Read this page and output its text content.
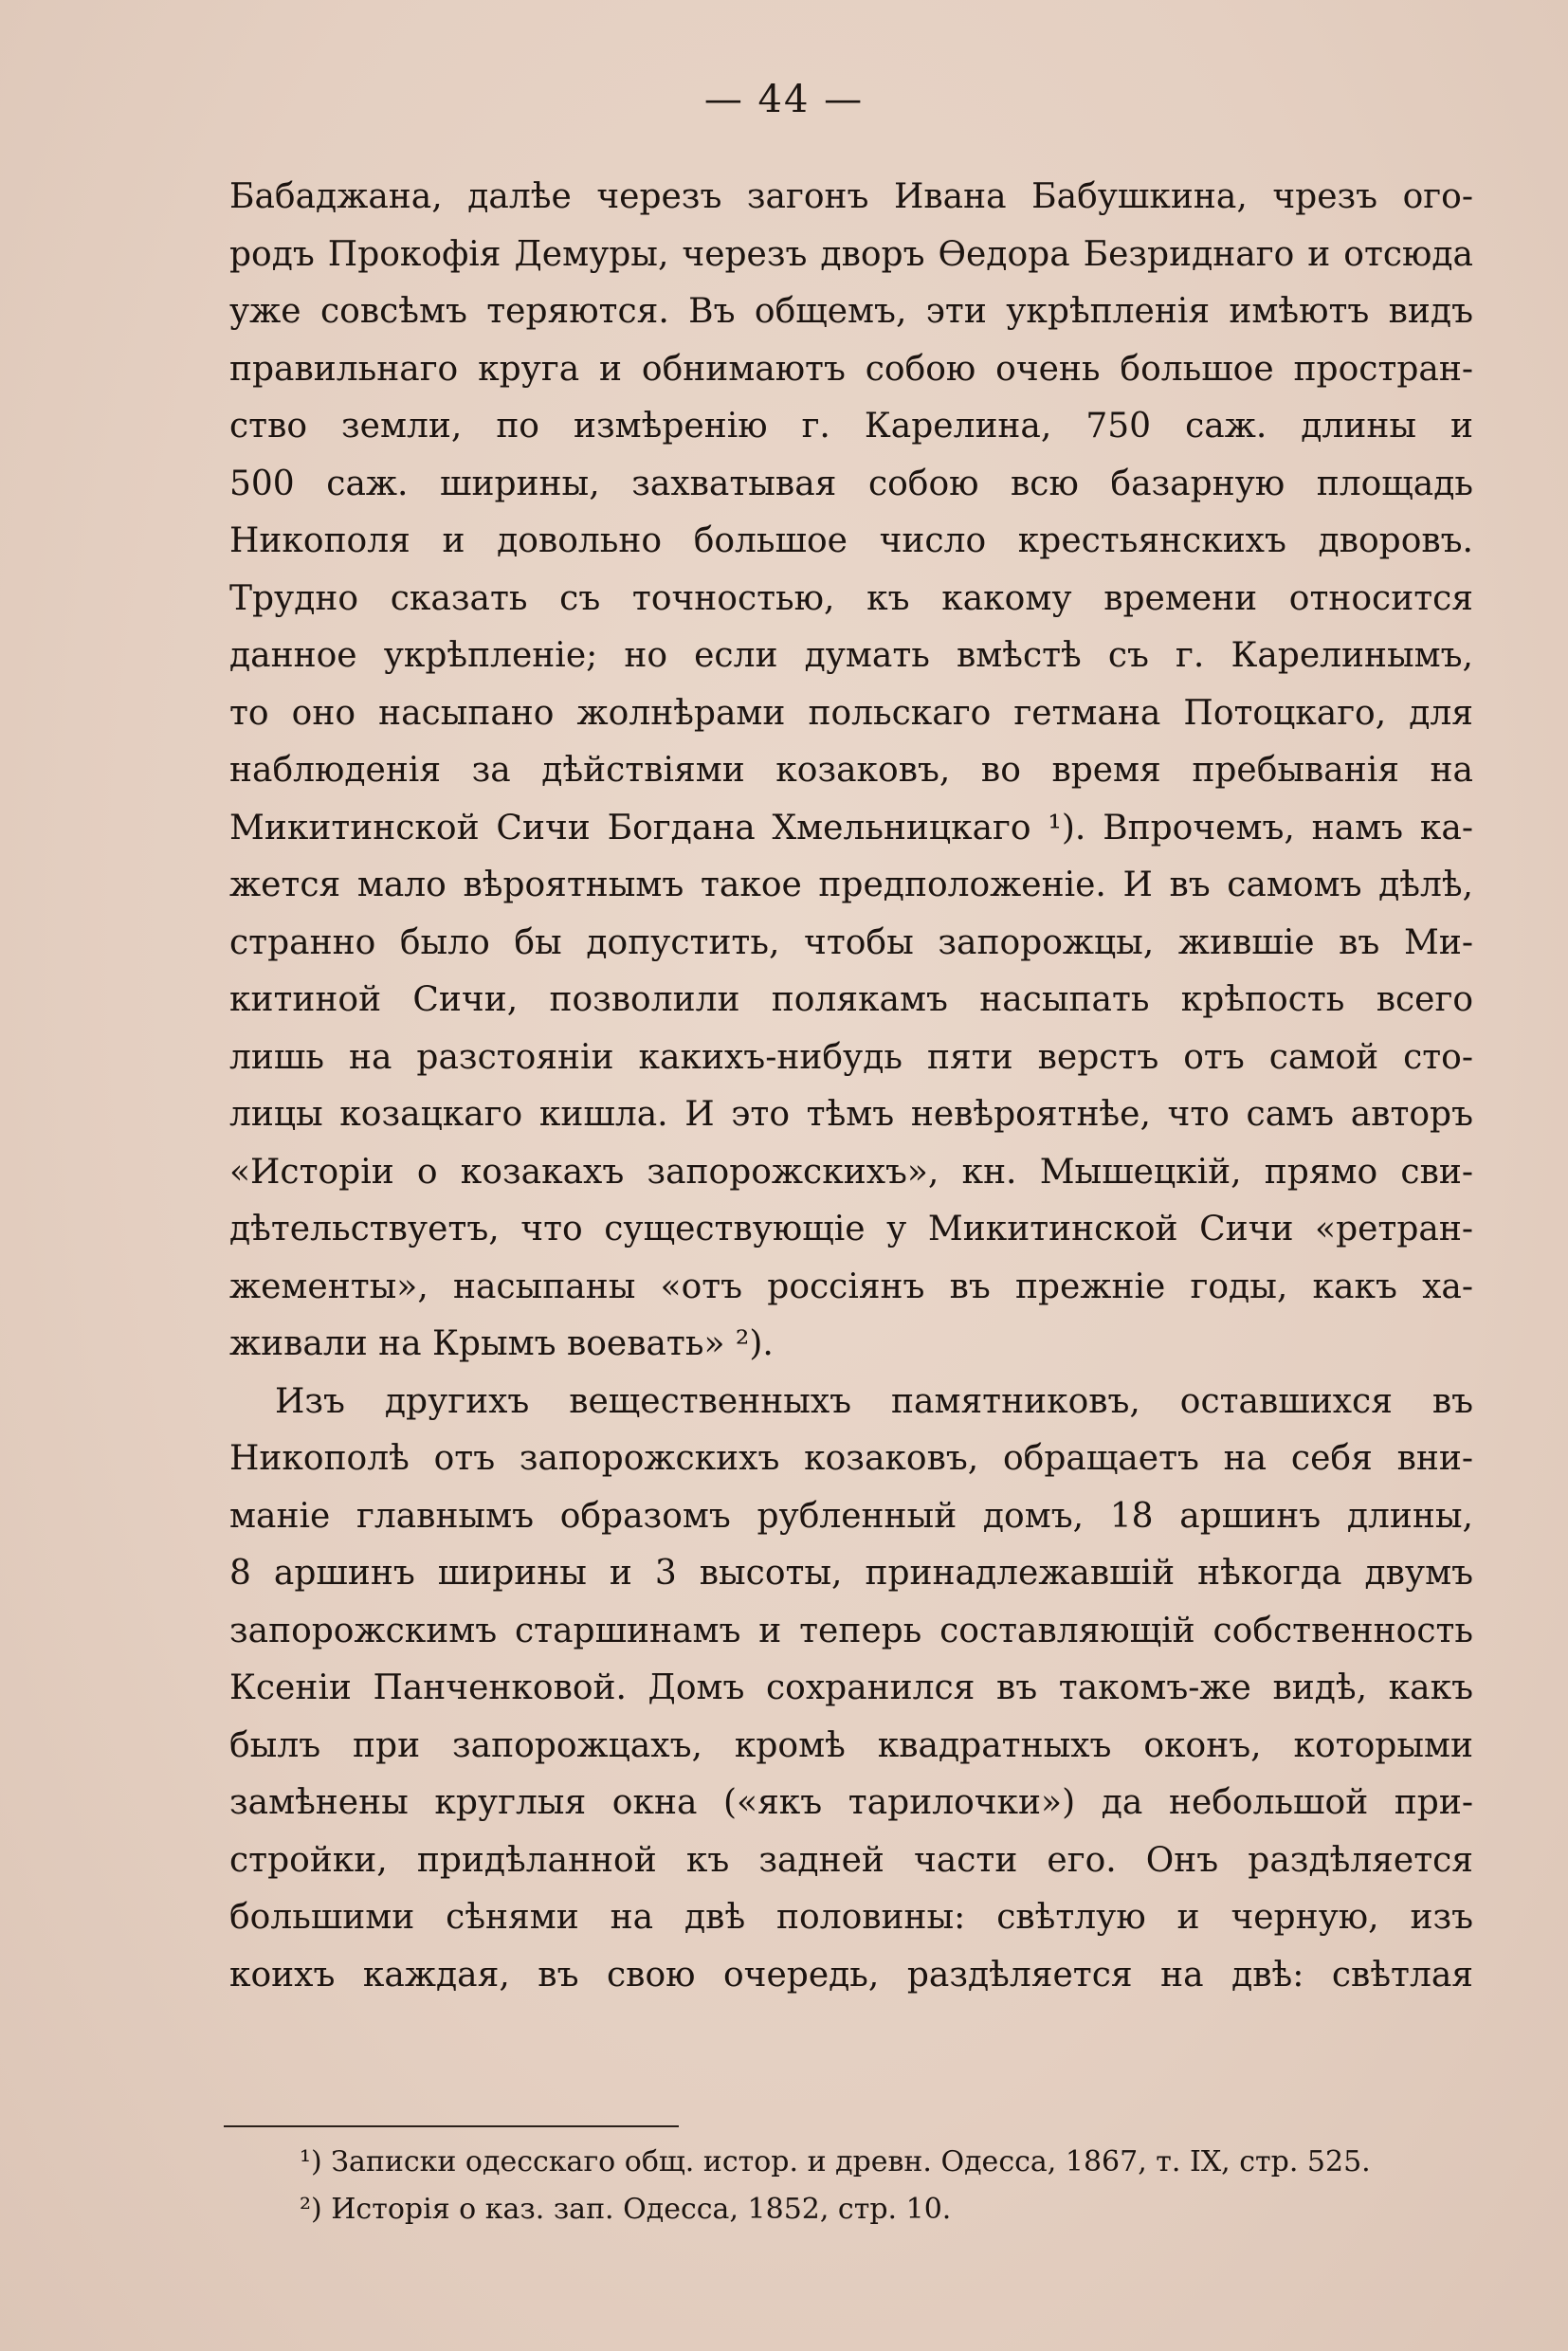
— 44 —
Бабаджана, далѣе черезъ загонъ Ивана Бабушкина, чрезъ ого-
родъ Прокофія Демуры, черезъ дворъ Ѳедора Безриднаго и отсюда
уже совсѣмъ теряются. Въ общемъ, эти укрѣпленія имѣютъ видъ
правильнаго круга и обнимаютъ собою очень большое простран-
ство земли, по измѣренію г. Карелина, 750 саж. длины и
500 саж. ширины, захватывая собою всю базарную площадь
Никополя и довольно большое число крестьянскихъ дворовъ.
Трудно сказать съ точностью, къ какому времени относится
данное укрѣпленіе; но если думать вмѣстѣ съ г. Карелинымъ,
то оно насыпано жолнѣрами польскаго гетмана Потоцкаго, для
наблюденія за дѣйствіями козаковъ, во время пребыванія на
Микитинской Сичи Богдана Хмельницкаго ¹). Впрочемъ, намъ ка-
жется мало вѣроятнымъ такое предположеніе. И въ самомъ дѣлѣ,
странно было бы допустить, чтобы запорожцы, жившіе въ Ми-
китиной Сичи, позволили полякамъ насыпать крѣпость всего
лишь на разстояніи какихъ-нибудь пяти верстъ отъ самой сто-
лицы козацкаго кишла. И это тѣмъ невѣроятнѣе, что самъ авторъ
«Исторіи о козакахъ запорожскихъ», кн. Мышецкій, прямо сви-
дѣтельствуетъ, что существующіе у Микитинской Сичи «ретран-
жементы», насыпаны «отъ россіянъ въ прежніе годы, какъ ха-
живали на Крымъ воевать» ²).
Изъ другихъ вещественныхъ памятниковъ, оставшихся въ
Никополѣ отъ запорожскихъ козаковъ, обращаетъ на себя вни-
маніе главнымъ образомъ рубленный домъ, 18 аршинъ длины,
8 аршинъ ширины и 3 высоты, принадлежавшій нѣкогда двумъ
запорожскимъ старшинамъ и теперь составляющій собственность
Ксеніи Панченковой. Домъ сохранился въ такомъ-же видѣ, какъ
былъ при запорожцахъ, кромѣ квадратныхъ оконъ, которыми
замѣнены круглыя окна («якъ тарилочки») да небольшой при-
стройки, придѣланной къ задней части его. Онъ раздѣляется
большими сѣнями на двѣ половины: свѣтлую и черную, изъ
коихъ каждая, въ свою очередь, раздѣляется на двѣ: свѣтлая
¹) Записки одесскаго общ. истор. и древн. Одесса, 1867, т. IX, стр. 525.
²) Исторія о каз. зап. Одесса, 1852, стр. 10.
